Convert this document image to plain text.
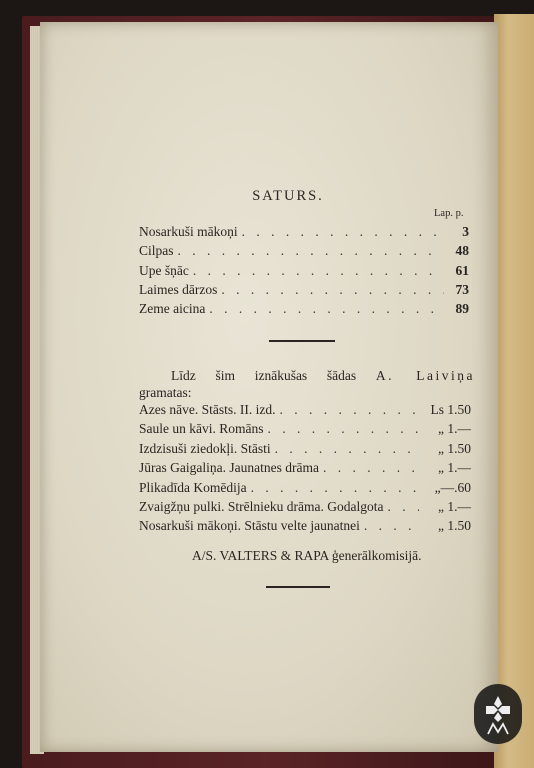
SATURS.
Lap. p.
Nosarkuši mākoņi . . .	3
Cilpas . . .	48
Upe šņāc . . .	61
Laimes dārzos . . .	73
Zeme aicina . . .	89
Līdz šim iznākušas šādas A. Laiviņa gramatas:
Azes nāve. Stāsts. II. izd. . . .	Ls 1.50
Saule un kāvi. Romāns . . .	„ 1.—
Izdzisuši ziedokļi. Stāsti . . .	„ 1.50
Jūras Gaigaliņa. Jaunatnes drāma . . .	„ 1.—
Plikadīda Komēdija . . .	„—.60
Zvaigžņu pulki. Strēlnieku drāma. Godalgota . . .	„ 1.—
Nosarkuši mākoņi. Stāstu velte jaunatnei . . .	„ 1.50
A/S. VALTERS & RAPA ģenerālkomisijā.
